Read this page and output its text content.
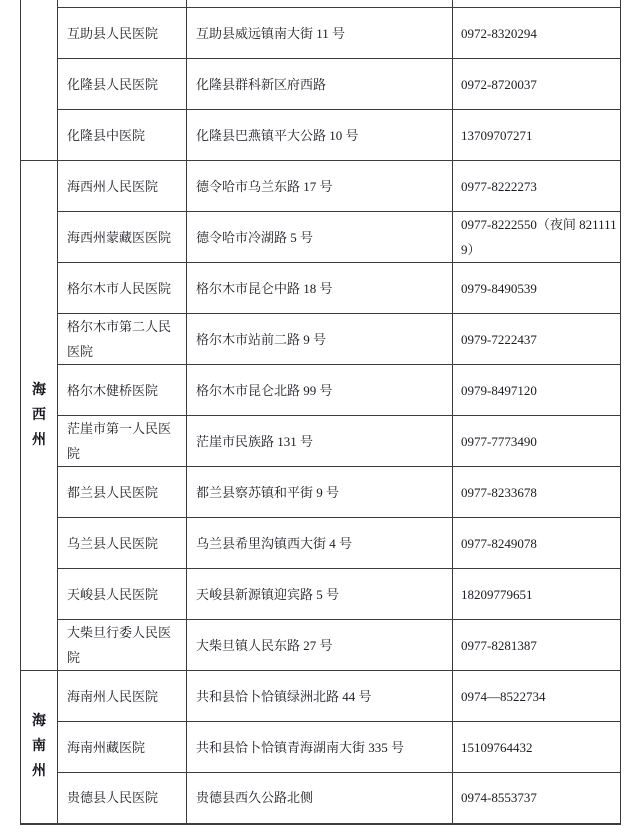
	互助县人民医院	互助县威远镇南大街 11 号	0972-8320294
	化隆县人民医院	化隆县群科新区府西路	0972-8720037
	化隆县中医院	化隆县巴燕镇平大公路 10 号	13709707271

海西州	海西州人民医院	德令哈市乌兰东路 17 号	0977-8222273
	海西州蒙藏医医院	德令哈市冷湖路 5 号	0977-8222550（夜间 8211119）
	格尔木市人民医院	格尔木市昆仑中路 18 号	0979-8490539
	格尔木市第二人民医院	格尔木市站前二路 9 号	0979-7222437
	格尔木健桥医院	格尔木市昆仑北路 99 号	0979-8497120
	茫崖市第一人民医院	茫崖市民族路 131 号	0977-7773490
	都兰县人民医院	都兰县察苏镇和平街 9 号	0977-8233678
	乌兰县人民医院	乌兰县希里沟镇西大街 4 号	0977-8249078
	天峻县人民医院	天峻县新源镇迎宾路 5 号	18209779651
	大柴旦行委人民医院	大柴旦镇人民东路 27 号	0977-8281387

海南州	海南州人民医院	共和县恰卜恰镇绿洲北路 44 号	0974—8522734
	海南州藏医院	共和县恰卜恰镇青海湖南大街 335 号	15109764432
	贵德县人民医院	贵德县西久公路北侧	0974-8553737
